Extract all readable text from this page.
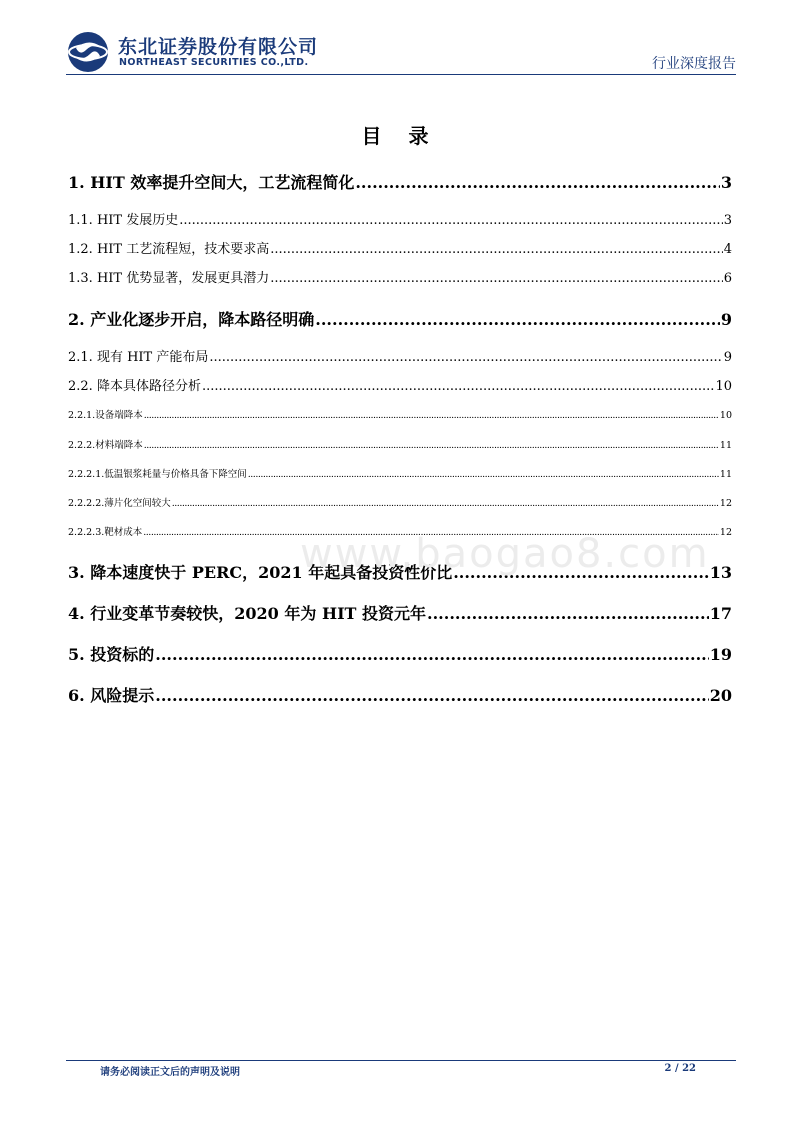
东北证券股份有限公司
NORTHEAST SECURITIES CO.,LTD.	行业深度报告
目 录
1. HIT 效率提升空间大，工艺流程简化 .....	3
1.1. HIT 发展历史 .....	3
1.2. HIT 工艺流程短，技术要求高 .....	4
1.3. HIT 优势显著，发展更具潜力 .....	6
2. 产业化逐步开启，降本路径明确 .....	9
2.1. 现有 HIT 产能布局 .....	9
2.2. 降本具体路径分析 .....	10
2.2.1.设备端降本 .....	10
2.2.2.材料端降本 .....	11
2.2.2.1.低温银浆耗量与价格具备下降空间 .....	11
2.2.2.2.薄片化空间较大 .....	12
2.2.2.3.靶材成本 .....	12
3. 降本速度快于 PERC，2021 年起具备投资性价比 .....	13
4. 行业变革节奏较快，2020 年为 HIT 投资元年 .....	17
5. 投资标的 .....	19
6. 风险提示 .....	20
www.baogao8.com
请务必阅读正文后的声明及说明	2 / 22
